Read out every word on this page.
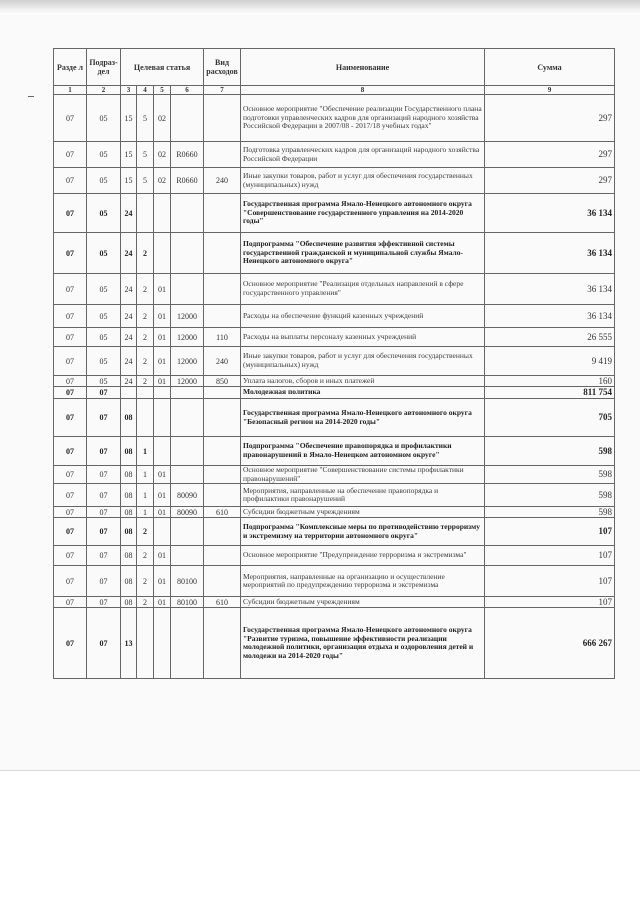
Разде л	Подраз- дел	Целевая статья				Вид расходов	Наименование	Сумма
1	2	3	4	5	6	7	8	9
07	05	15	5	02			Основное мероприятие "Обеспечение реализации Государственного плана подготовки управленческих кадров для организаций народного хозяйства Российской Федерации в 2007/08 - 2017/18 учебных годах"	297
07	05	15	5	02	R0660		Подготовка управленческих кадров для организаций народного хозяйства Российской Федерации	297
07	05	15	5	02	R0660	240	Иные закупки товаров, работ и услуг для обеспечения государственных (муниципальных) нужд	297
07	05	24					Государственная программа Ямало-Ненецкого автономного округа "Совершенствование государственного управления на 2014-2020 годы"	36 134
07	05	24	2				Подпрограмма "Обеспечение развития эффективной системы государственной гражданской и муниципальной службы Ямало-Ненецкого автономного округа"	36 134
07	05	24	2	01			Основное мероприятие "Реализация отдельных направлений в сфере государственного управления"	36 134
07	05	24	2	01	12000		Расходы на обеспечение функций казенных учреждений	36 134
07	05	24	2	01	12000	110	Расходы на выплаты персоналу казенных учреждений	26 555
07	05	24	2	01	12000	240	Иные закупки товаров, работ и услуг для обеспечения государственных (муниципальных) нужд	9 419
07	05	24	2	01	12000	850	Уплата налогов, сборов и иных платежей	160
07	07						Молодежная политика	811 754
07	07	08					Государственная программа Ямало-Ненецкого автономного округа "Безопасный регион на 2014-2020 годы"	705
07	07	08	1				Подпрограмма "Обеспечение правопорядка и профилактики правонарушений в Ямало-Ненецком автономном округе"	598
07	07	08	1	01			Основное мероприятие "Совершенствование системы профилактики правонарушений"	598
07	07	08	1	01	80090		Мероприятия, направленные на обеспечение правопорядка и профилактики правонарушений	598
07	07	08	1	01	80090	610	Субсидии бюджетным учреждениям	598
07	07	08	2				Подпрограмма "Комплексные меры по противодействию терроризму и экстремизму на территории автономного округа"	107
07	07	08	2	01			Основное мероприятие "Предупреждение терроризма и экстремизма"	107
07	07	08	2	01	80100		Мероприятия, направленные на организацию и осуществление мероприятий по предупреждению терроризма и экстремизма	107
07	07	08	2	01	80100	610	Субсидии бюджетным учреждениям	107
07	07	13					Государственная программа Ямало-Ненецкого автономного округа "Развитие туризма, повышение эффективности реализации молодежной политики, организация отдыха и оздоровления детей и молодежи на 2014-2020 годы"	666 267
